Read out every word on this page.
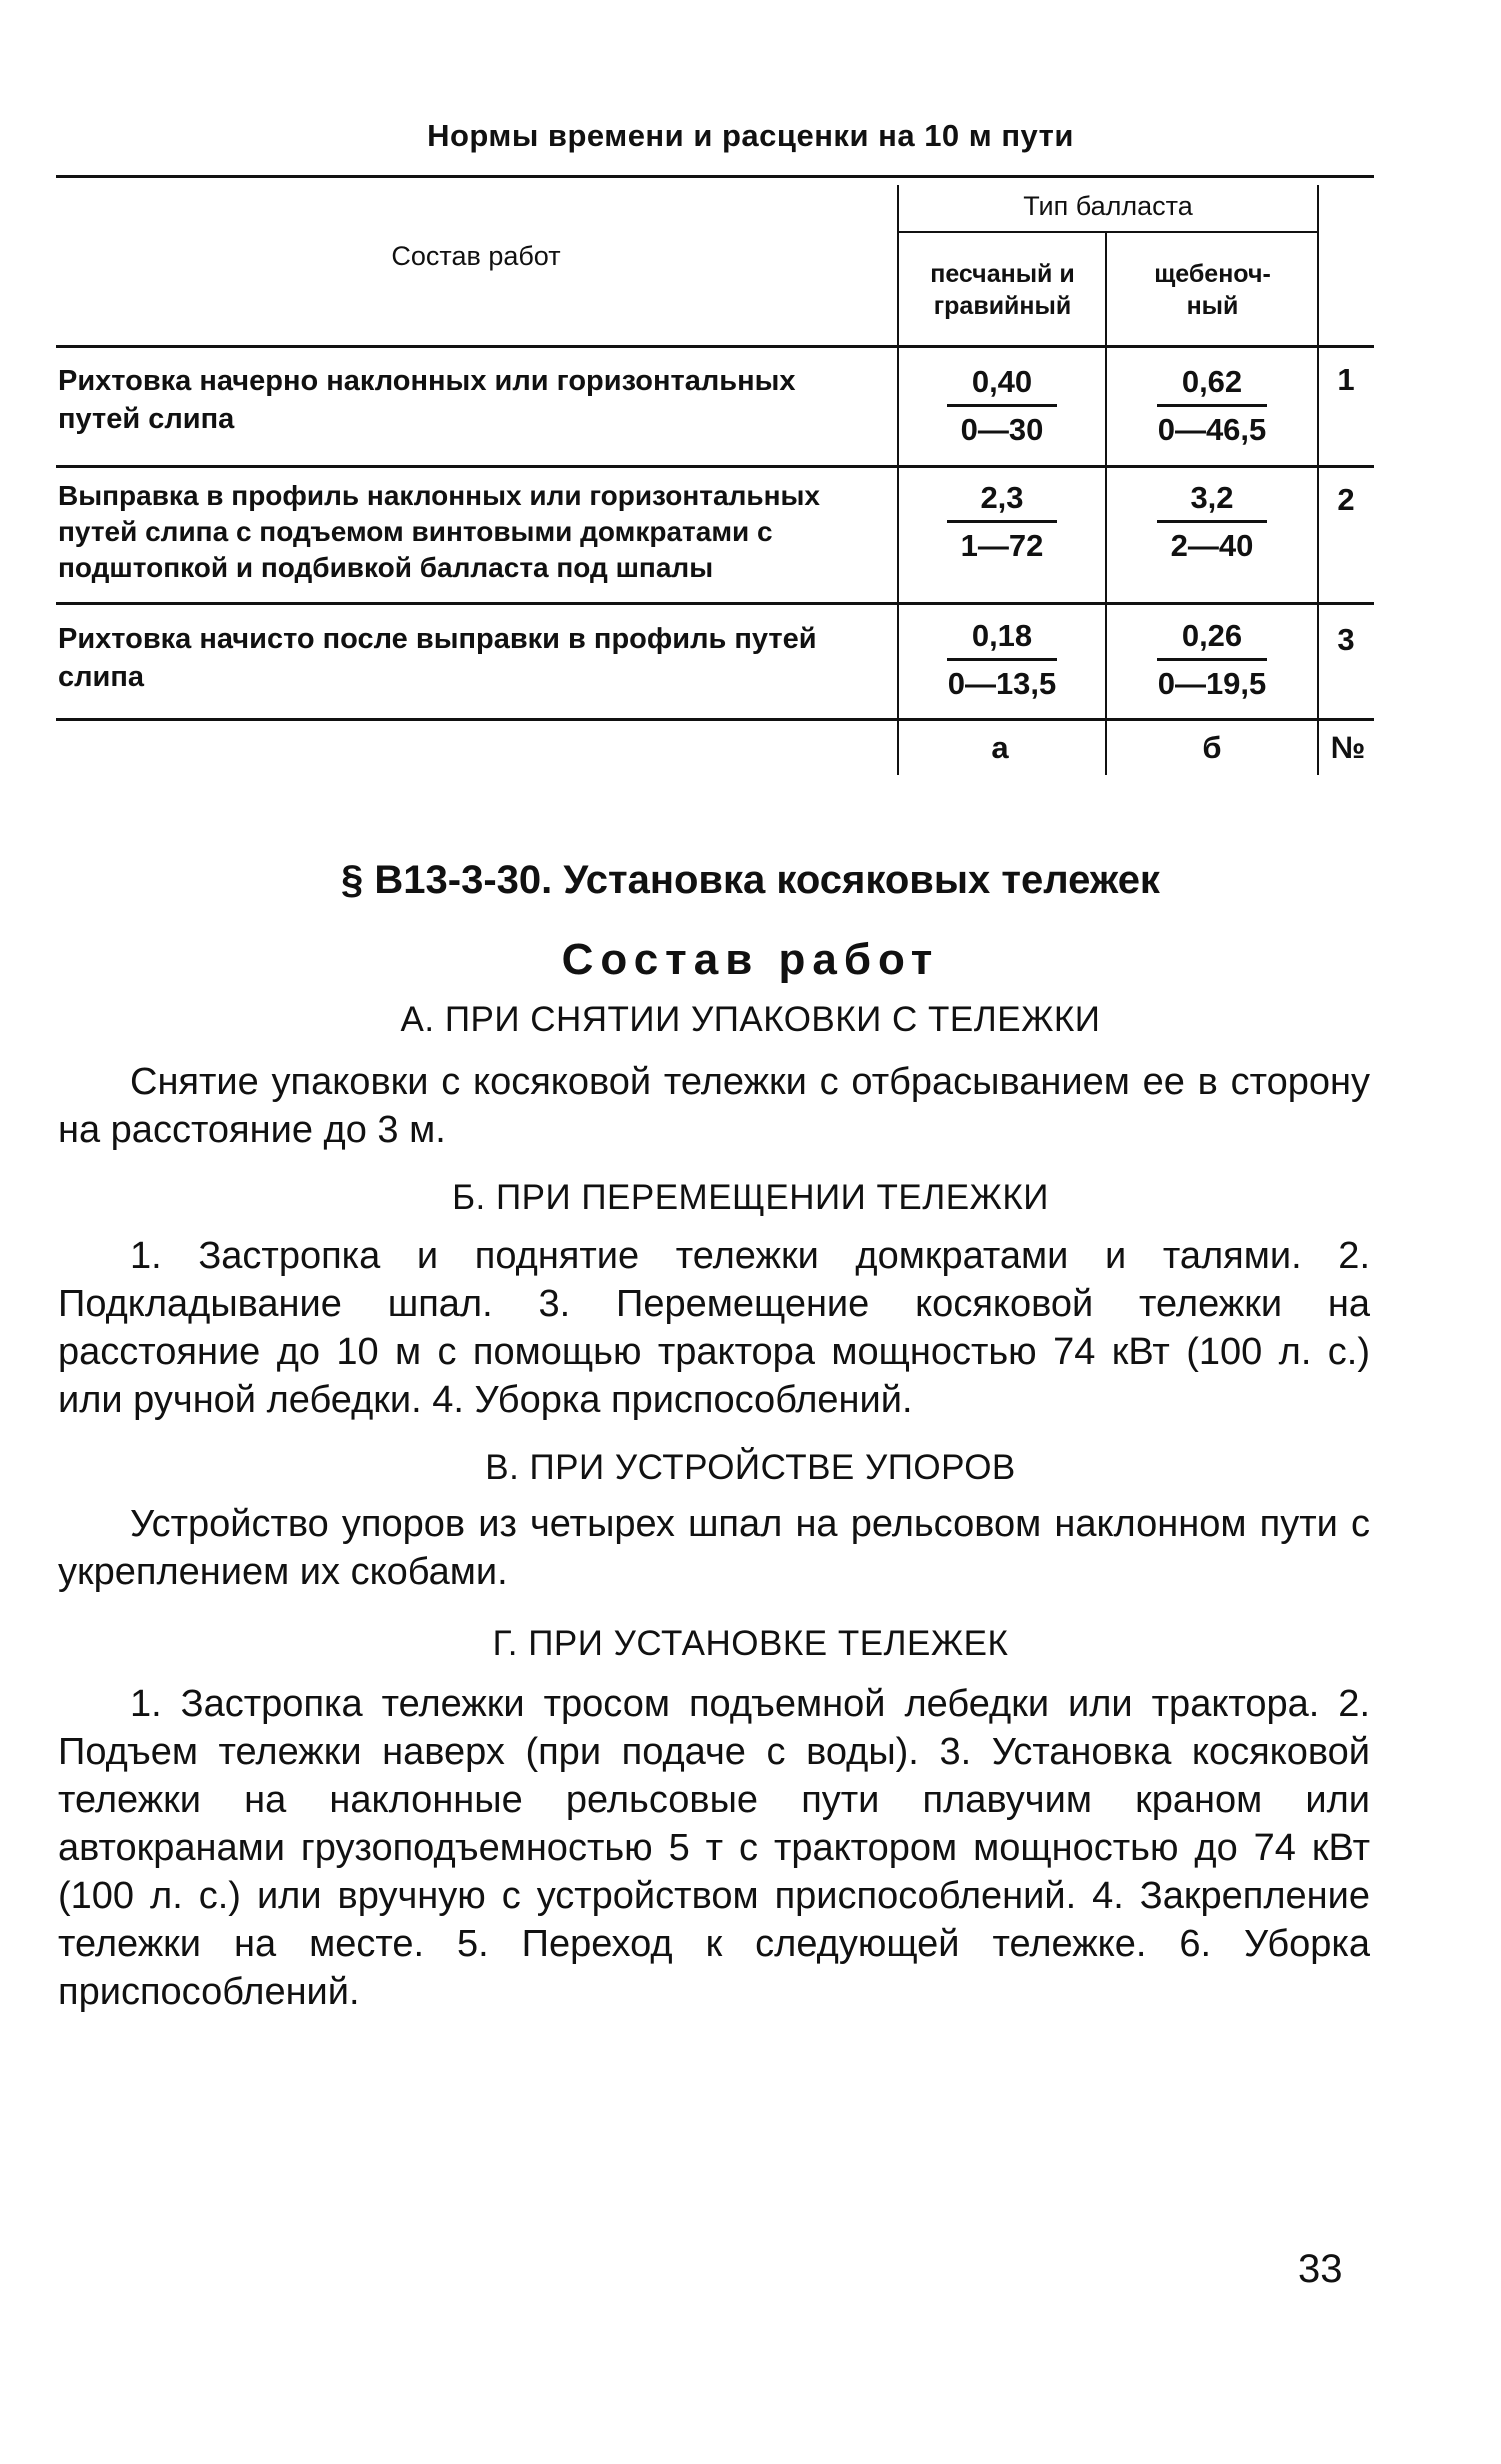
Нормы времени и расценки на 10 м пути
Состав работ
Тип балласта
песчаный и гравийный
щебеноч-ный
Рихтовка начерно наклонных или горизонтальных путей слипа
0,40
0—30
0,62
0—46,5
1
Выправка в профиль наклонных или горизонтальных путей слипа с подъемом винтовыми домкратами с подштопкой и подбивкой балласта под шпалы
2,3
1—72
3,2
2—40
2
Рихтовка начисто после выправки в профиль путей слипа
0,18
0—13,5
0,26
0—19,5
3
а	б	№
§ В13-3-30. Установка косяковых тележек
Состав работ
А. ПРИ СНЯТИИ УПАКОВКИ С ТЕЛЕЖКИ
Снятие упаковки с косяковой тележки с отбрасыванием ее в сторону на расстояние до 3 м.
Б. ПРИ ПЕРЕМЕЩЕНИИ ТЕЛЕЖКИ
1. Застропка и поднятие тележки домкратами и талями. 2. Подкладывание шпал. 3. Перемещение косяковой тележки на расстояние до 10 м с помощью трактора мощностью 74 кВт (100 л. с.) или ручной лебедки. 4. Уборка приспособлений.
В. ПРИ УСТРОЙСТВЕ УПОРОВ
Устройство упоров из четырех шпал на рельсовом наклонном пути с укреплением их скобами.
Г. ПРИ УСТАНОВКЕ ТЕЛЕЖЕК
1. Застропка тележки тросом подъемной лебедки или трактора. 2. Подъем тележки наверх (при подаче с воды). 3. Установка косяковой тележки на наклонные рельсовые пути плавучим краном или автокранами грузоподъемностью 5 т с трактором мощностью до 74 кВт (100 л. с.) или вручную с устройством приспособлений. 4. Закрепление тележки на месте. 5. Переход к следующей тележке. 6. Уборка приспособлений.
33
